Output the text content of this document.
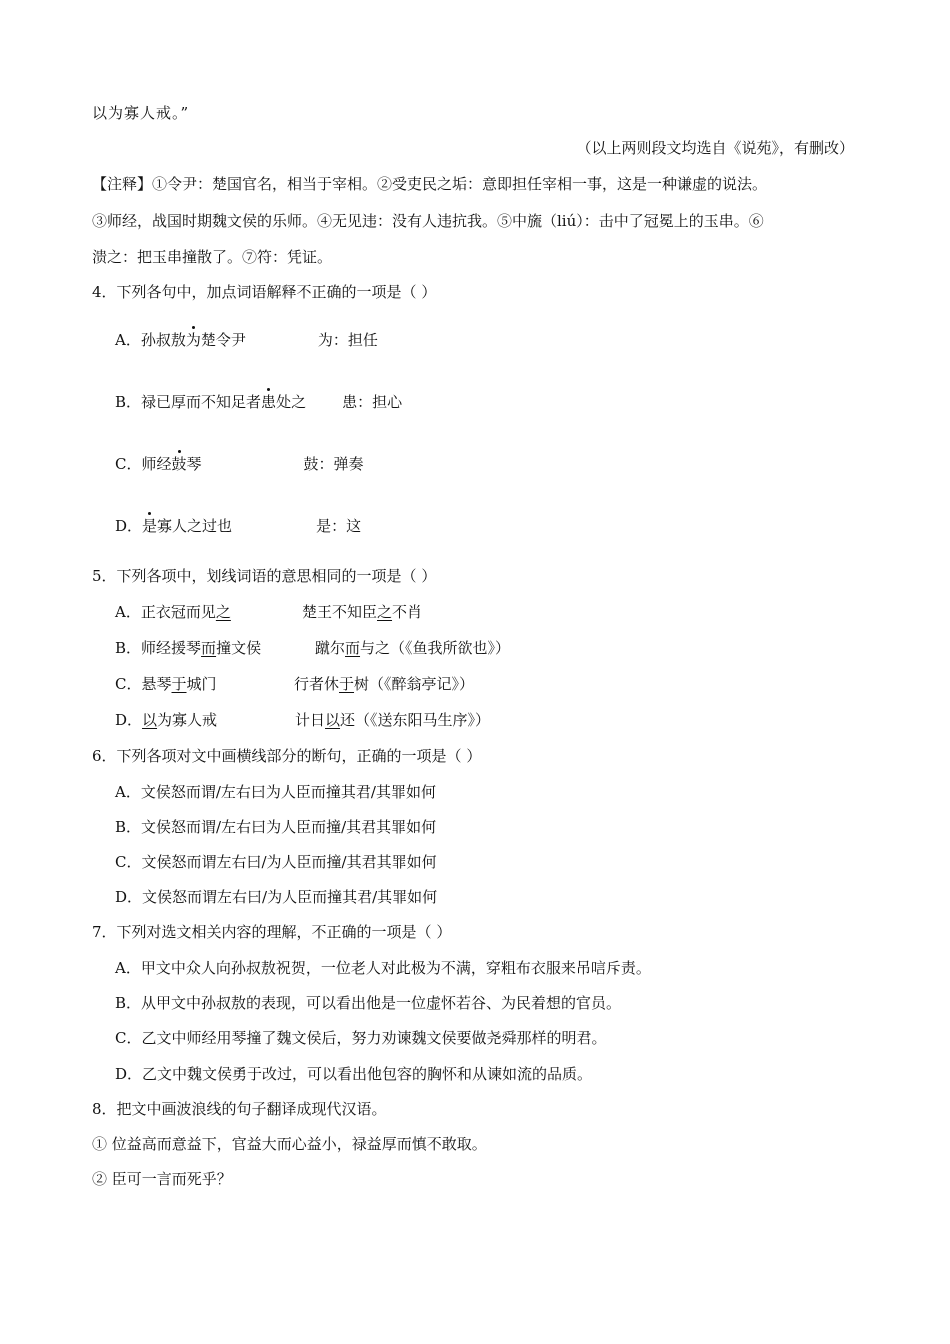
以为寡人戒。”
（以上两则段文均选自《说苑》，有删改）
【注释】①令尹：楚国官名，相当于宰相。②受吏民之垢：意即担任宰相一事，这是一种谦虚的说法。
③师经，战国时期魏文侯的乐师。④无见违：没有人违抗我。⑤中旒（liú）：击中了冠冕上的玉串。⑥
溃之：把玉串撞散了。⑦符：凭证。
4．下列各句中，加点词语解释不正确的一项是（ ）
A．孙叔敖为楚令尹	为：担任
B．禄已厚而不知足者患处之 患：担心
C．师经鼓琴	鼓：弹奏
D．是寡人之过也	是：这
5．下列各项中，划线词语的意思相同的一项是（ ）
A．正衣冠而见之	楚王不知臣之不肖
B．师经援琴而撞文侯	蹴尔而与之（《鱼我所欲也》）
C．悬琴于城门	行者休于树（《醉翁亭记》）
D．以为寡人戒	计日以还（《送东阳马生序》）
6．下列各项对文中画横线部分的断句，正确的一项是（ ）
A．文侯怒而谓/左右曰为人臣而撞其君/其罪如何
B．文侯怒而谓/左右曰为人臣而撞/其君其罪如何
C．文侯怒而谓左右曰/为人臣而撞/其君其罪如何
D．文侯怒而谓左右曰/为人臣而撞其君/其罪如何
7．下列对选文相关内容的理解，不正确的一项是（ ）
A．甲文中众人向孙叔敖祝贺，一位老人对此极为不满，穿粗布衣服来吊唁斥责。
B．从甲文中孙叔敖的表现，可以看出他是一位虚怀若谷、为民着想的官员。
C．乙文中师经用琴撞了魏文侯后，努力劝谏魏文侯要做尧舜那样的明君。
D．乙文中魏文侯勇于改过，可以看出他包容的胸怀和从谏如流的品质。
8．把文中画波浪线的句子翻译成现代汉语。
① 位益高而意益下，官益大而心益小，禄益厚而慎不敢取。
② 臣可一言而死乎？
